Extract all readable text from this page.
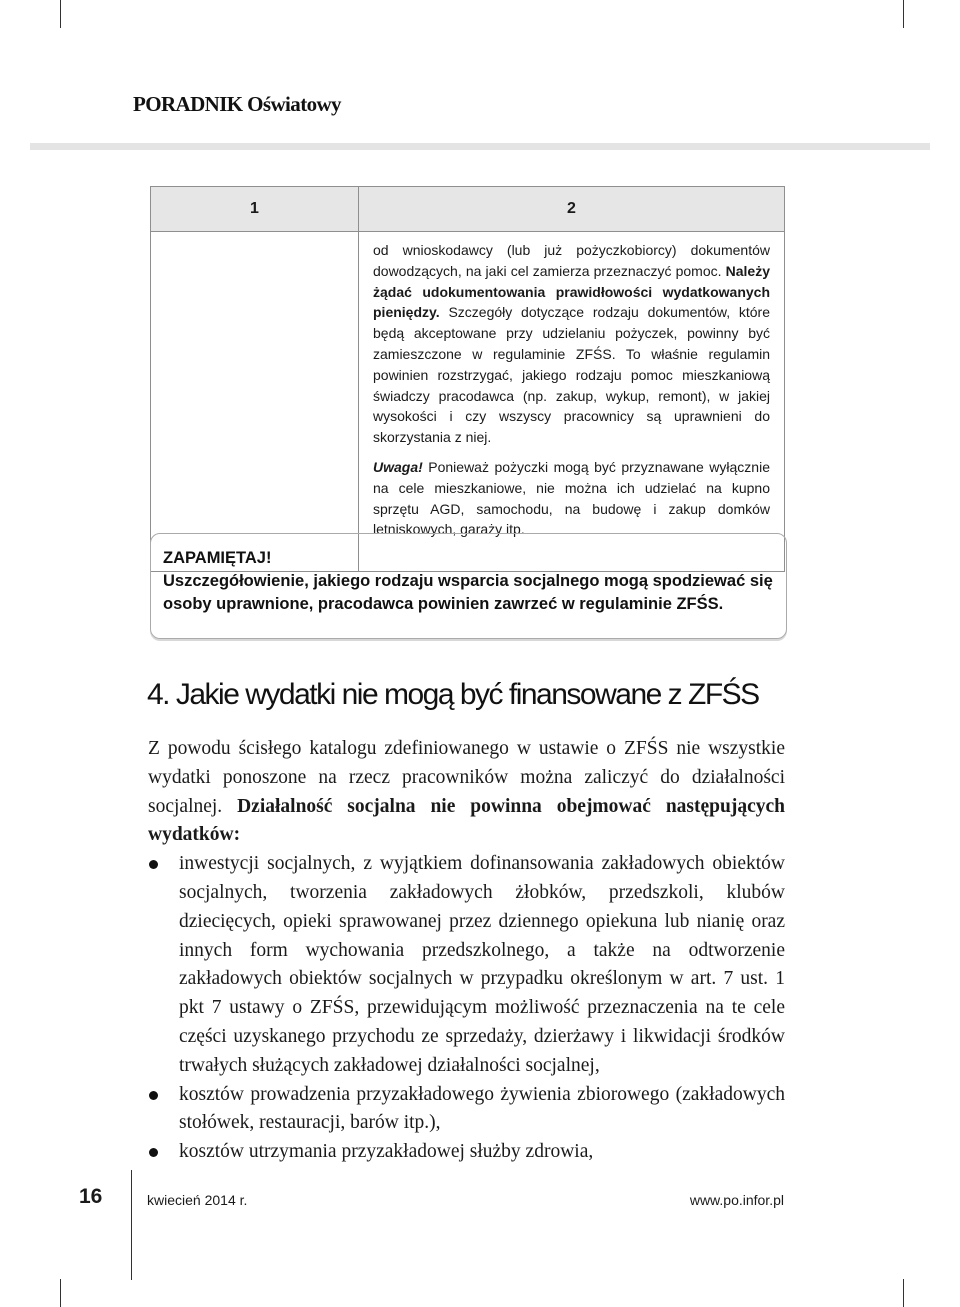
PORADNIK Oświatowy
1	2

	od wnioskodawcy (lub już pożyczkobiorcy) dokumentów dowodzących, na jaki cel zamierza przeznaczyć pomoc. Należy żądać udokumentowania prawidłowości wydatkowanych pieniędzy. Szczegóły dotyczące rodzaju dokumentów, które będą akceptowane przy udzielaniu pożyczek, powinny być zamieszczone w regulaminie ZFŚS. To właśnie regulamin powinien rozstrzygać, jakiego rodzaju pomoc mieszkaniową świadczy pracodawca (np. zakup, wykup, remont), w jakiej wysokości i czy wszyscy pracownicy są uprawnieni do skorzystania z niej.

Uwaga! Ponieważ pożyczki mogą być przyznawane wyłącznie na cele mieszkaniowe, nie można ich udzielać na kupno sprzętu AGD, samochodu, na budowę i zakup domków letniskowych, garaży itp.

ZAPAMIĘTAJ!
Uszczegółowienie, jakiego rodzaju wsparcia socjalnego mogą spodziewać się osoby uprawnione, pracodawca powinien zawrzeć w regulaminie ZFŚS.
4. Jakie wydatki nie mogą być finansowane z ZFŚS

Z powodu ścisłego katalogu zdefiniowanego w ustawie o ZFŚS nie wszystkie wydatki ponoszone na rzecz pracowników można zaliczyć do działalności socjalnej. Działalność socjalna nie powinna obejmować następujących wydatków:

inwestycji socjalnych, z wyjątkiem dofinansowania zakładowych obiektów socjalnych, tworzenia zakładowych żłobków, przedszkoli, klubów dziecięcych, opieki sprawowanej przez dziennego opiekuna lub nianię oraz innych form wychowania przedszkolnego, a także na odtworzenie zakładowych obiektów socjalnych w przypadku określonym w art. 7 ust. 1 pkt 7 ustawy o ZFŚS, przewidującym możliwość przeznaczenia na te cele części uzyskanego przychodu ze sprzedaży, dzierżawy i likwidacji środków trwałych służących zakładowej działalności socjalnej,
kosztów prowadzenia przyzakładowego żywienia zbiorowego (zakładowych stołówek, restauracji, barów itp.),
kosztów utrzymania przyzakładowej służby zdrowia,
16	kwiecień 2014 r.	www.po.infor.pl
